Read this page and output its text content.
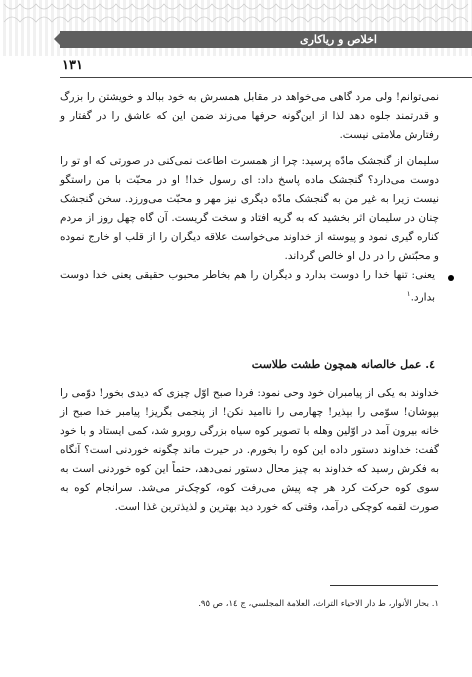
اخلاص و ریاکاری
۱۳۱
نمی‌توانم! ولی مرد گاهی می‌خواهد در مقابل همسرش به خود ببالد و خویشتن را بزرگ و قدرتمند جلوه دهد لذا از این‌گونه حرفها می‌زند ضمن این که عاشق را در گفتار و رفتارش ملامتی نیست.
سلیمان از گنجشک مادّه پرسید: چرا از همسرت اطاعت نمی‌کنی در صورتی که او تو را دوست می‌دارد؟ گنجشک ماده پاسخ داد: ای رسول خدا! او در محبّت با من راستگو نیست زیرا به غیر من به گنجشک مادّه دیگری نیز مهر و محبّت می‌ورزد. سخن گنجشک چنان در سلیمان اثر بخشید که به گریه افتاد و سخت گریست. آن گاه چهل روز از مردم کناره گیری نمود و پیوسته از خداوند می‌خواست علاقه دیگران را از قلب او خارج نموده و محبّتش را در دل او خالص گرداند.
یعنی: تنها خدا را دوست بدارد و دیگران را هم بخاطر محبوب حقیقی یعنی خدا دوست بدارد.$^۱$
٤. عمل خالصانه همچون طشت طلاست
خداوند به یکی از پیامبران خود وحی نمود: فردا صبح اوّل چیزی که دیدی بخور! دوّمی را بپوشان! سوّمی را بپذیر! چهارمی را ناامید نکن! از پنجمی بگریز! پیامبر خدا صبح از خانه بیرون آمد در اوّلین وهله با تصویر کوه سیاه بزرگی روبرو شد، کمی ایستاد و با خود گفت: خداوند دستور داده این کوه را بخورم. در حیرت ماند چگونه خوردنی است؟ آنگاه به فکرش رسید که خداوند به چیز محال دستور نمی‌دهد، حتماً این کوه خوردنی است به سوی کوه حرکت کرد هر چه پیش می‌رفت کوه، کوچک‌تر می‌شد. سرانجام کوه به صورت لقمه کوچکی درآمد، وقتی که خورد دید بهترین و لذیذترین غذا است.
۱. بحار الأنوار، ط دار الاحیاء التراث، العلامة المجلسي، ج ١٤، ص ٩٥.
